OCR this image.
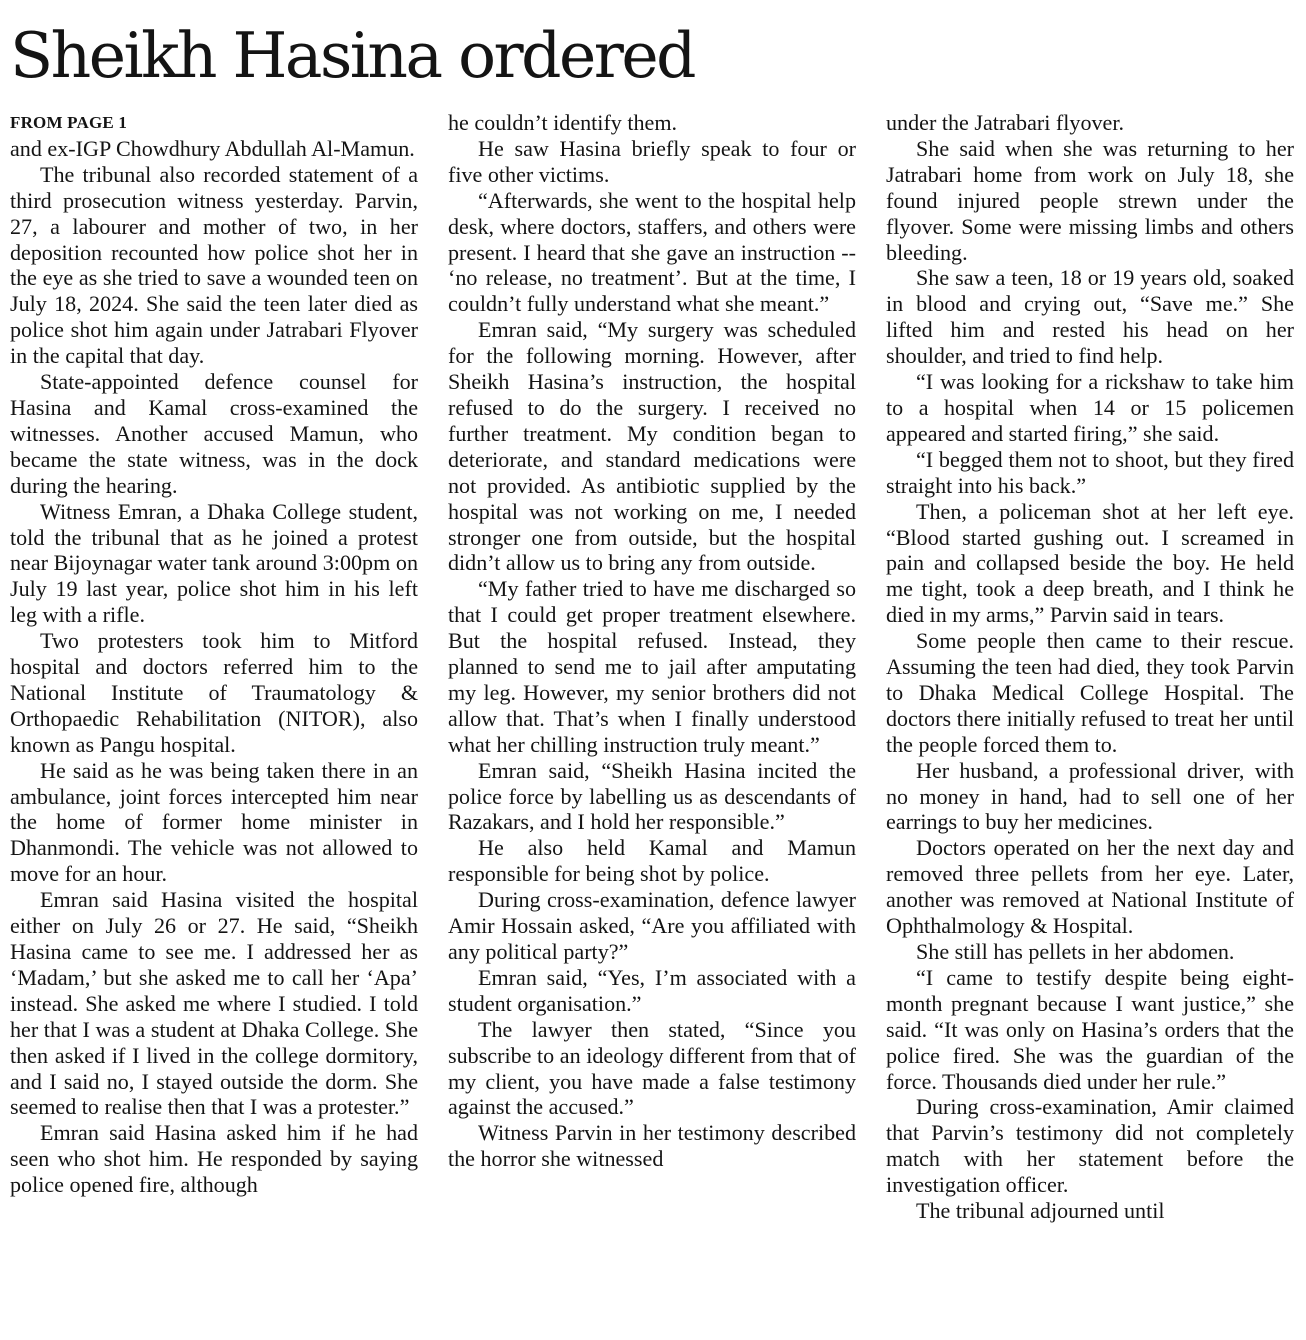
Sheikh Hasina ordered
FROM PAGE 1

and ex-IGP Chowdhury Abdullah Al-Mamun.

The tribunal also recorded statement of a third prosecution witness yesterday. Parvin, 27, a labourer and mother of two, in her deposition recounted how police shot her in the eye as she tried to save a wounded teen on July 18, 2024. She said the teen later died as police shot him again under Jatrabari Flyover in the capital that day.

State-appointed defence counsel for Hasina and Kamal cross-examined the witnesses. Another accused Mamun, who became the state witness, was in the dock during the hearing.

Witness Emran, a Dhaka College student, told the tribunal that as he joined a protest near Bijoynagar water tank around 3:00pm on July 19 last year, police shot him in his left leg with a rifle.

Two protesters took him to Mitford hospital and doctors referred him to the National Institute of Traumatology & Orthopaedic Rehabilitation (NITOR), also known as Pangu hospital.

He said as he was being taken there in an ambulance, joint forces intercepted him near the home of former home minister in Dhanmondi. The vehicle was not allowed to move for an hour.

Emran said Hasina visited the hospital either on July 26 or 27. He said, “Sheikh Hasina came to see me. I addressed her as ‘Madam,’ but she asked me to call her ‘Apa’ instead. She asked me where I studied. I told her that I was a student at Dhaka College. She then asked if I lived in the college dormitory, and I said no, I stayed outside the dorm. She seemed to realise then that I was a protester.”

Emran said Hasina asked him if he had seen who shot him. He responded by saying police opened fire, although

he couldn’t identify them.

He saw Hasina briefly speak to four or five other victims.

“Afterwards, she went to the hospital help desk, where doctors, staffers, and others were present. I heard that she gave an instruction -- ‘no release, no treatment’. But at the time, I couldn’t fully understand what she meant.”

Emran said, “My surgery was scheduled for the following morning. However, after Sheikh Hasina’s instruction, the hospital refused to do the surgery. I received no further treatment. My condition began to deteriorate, and standard medications were not provided. As antibiotic supplied by the hospital was not working on me, I needed stronger one from outside, but the hospital didn’t allow us to bring any from outside.

“My father tried to have me discharged so that I could get proper treatment elsewhere. But the hospital refused. Instead, they planned to send me to jail after amputating my leg. However, my senior brothers did not allow that. That’s when I finally understood what her chilling instruction truly meant.”

Emran said, “Sheikh Hasina incited the police force by labelling us as descendants of Razakars, and I hold her responsible.”

He also held Kamal and Mamun responsible for being shot by police.

During cross-examination, defence lawyer Amir Hossain asked, “Are you affiliated with any political party?”

Emran said, “Yes, I’m associated with a student organisation.”

The lawyer then stated, “Since you subscribe to an ideology different from that of my client, you have made a false testimony against the accused.”

Witness Parvin in her testimony described the horror she witnessed

under the Jatrabari flyover.

She said when she was returning to her Jatrabari home from work on July 18, she found injured people strewn under the flyover. Some were missing limbs and others bleeding.

She saw a teen, 18 or 19 years old, soaked in blood and crying out, “Save me.” She lifted him and rested his head on her shoulder, and tried to find help.

“I was looking for a rickshaw to take him to a hospital when 14 or 15 policemen appeared and started firing,” she said.

“I begged them not to shoot, but they fired straight into his back.”

Then, a policeman shot at her left eye. “Blood started gushing out. I screamed in pain and collapsed beside the boy. He held me tight, took a deep breath, and I think he died in my arms,” Parvin said in tears.

Some people then came to their rescue. Assuming the teen had died, they took Parvin to Dhaka Medical College Hospital. The doctors there initially refused to treat her until the people forced them to.

Her husband, a professional driver, with no money in hand, had to sell one of her earrings to buy her medicines.

Doctors operated on her the next day and removed three pellets from her eye. Later, another was removed at National Institute of Ophthalmology & Hospital.

She still has pellets in her abdomen.

“I came to testify despite being eight-month pregnant because I want justice,” she said. “It was only on Hasina’s orders that the police fired. She was the guardian of the force. Thousands died under her rule.”

During cross-examination, Amir claimed that Parvin’s testimony did not completely match with her statement before the investigation officer.

The tribunal adjourned until
